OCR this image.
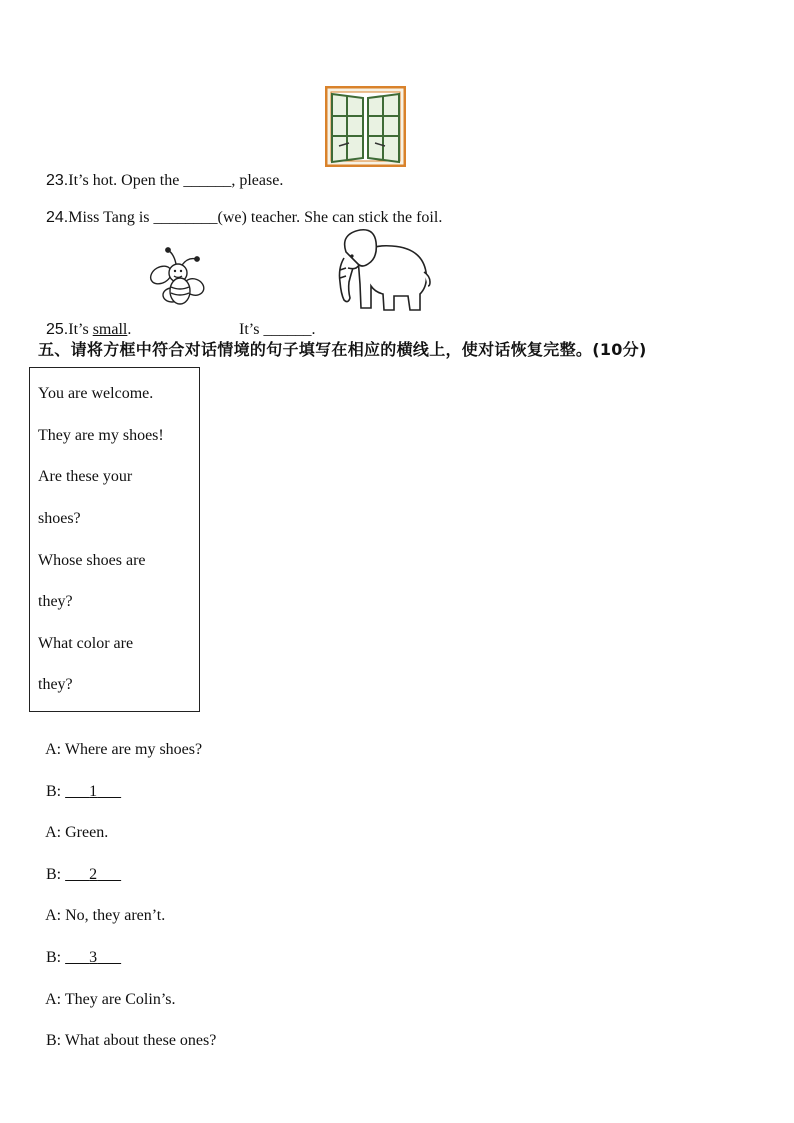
23.It’s hot. Open the ______, please.

24.Miss Tang is ________(we) teacher. She can stick the foil.

25.It’s small.	It’s ______.

五、请将方框中符合对话情境的句子填写在相应的横线上，使对话恢复完整。(10分)
You are welcome.
They are my shoes!
Are these your
shoes?
Whose shoes are
they?
What color are
they?

A: Where are my shoes?

B: 1

A: Green.

B: 2

A: No, they aren’t.

B: 3

A: They are Colin’s.

B: What about these ones?
